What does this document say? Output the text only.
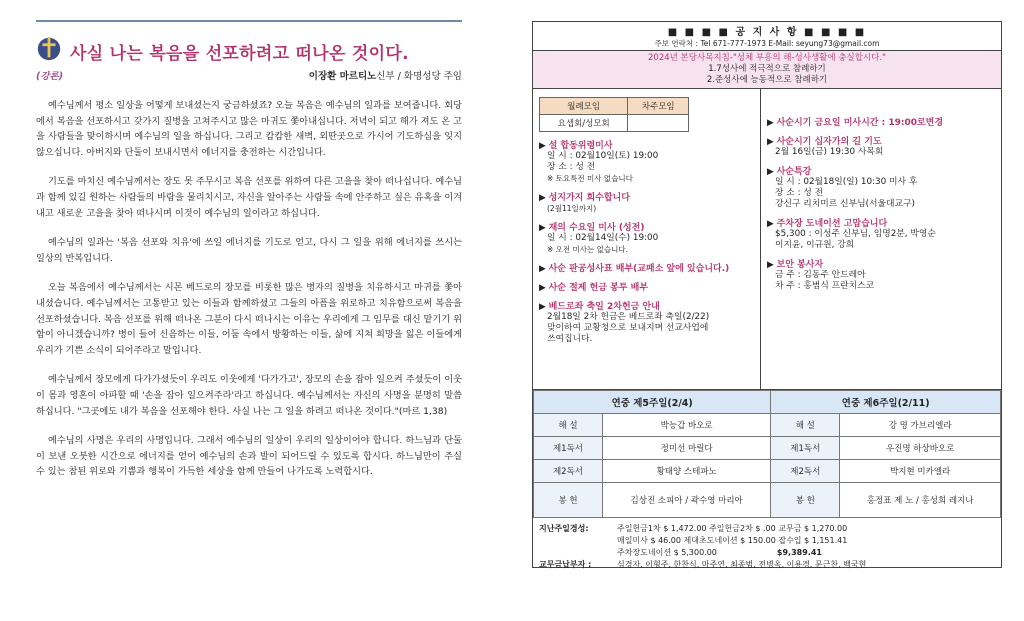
사실 나는 복음을 선포하려고 떠나온 것이다.
(강론)	이장환 마르티노신부 / 화명성당 주임

예수님께서 평소 일상을 어떻게 보내셨는지 궁금하셨죠? 오늘 복음은 예수님의 일과를 보여줍니다. 회당에서 복음을 선포하시고 갖가지 질병을 고쳐주시고 많은 마귀도 쫓아내십니다. 저녁이 되고 해가 져도 온 고을 사람들을 맞이하시며 예수님의 일을 하십니다. 그리고 캄캄한 새벽, 외딴곳으로 가시어 기도하심을 잊지 않으십니다. 아버지와 단둘이 보내시면서 에너지를 충전하는 시간입니다.

기도를 마치신 예수님께서는 장도 못 주무시고 복음 선포를 위하여 다른 고을을 찾아 떠나십니다. 예수님과 함께 있길 원하는 사람들의 바람을 물리치시고, 자신을 알아주는 사람들 속에 안주하고 싶은 유혹을 이겨내고 새로운 고을을 찾아 떠나시며 이것이 예수님의 일이라고 하십니다.

예수님의 일과는 '복음 선포와 치유'에 쓰일 에너지를 기도로 얻고, 다시 그 일을 위해 에너지를 쓰시는 일상의 반복입니다.

오늘 복음에서 예수님께서는 시몬 베드로의 장모를 비롯한 많은 병자의 질병을 치유하시고 마귀를 쫓아내셨습니다. 예수님께서는 고통받고 있는 이들과 함께하셨고 그들의 아픔을 위로하고 치유함으로써 복음을 선포하셨습니다. 복음 선포를 위해 떠나온 그분이 다시 떠나시는 이유는 우리에게 그 임무를 대신 맡기기 위함이 아니겠습니까? 병이 들어 신음하는 이들, 어둠 속에서 방황하는 이들, 삶에 지쳐 희망을 잃은 이들에게 우리가 기쁜 소식이 되어주라고 말입니다.

예수님께서 장모에게 다가가셨듯이 우리도 이웃에게 '다가가고', 장모의 손을 잡아 일으켜 주셨듯이 이웃이 몸과 영혼이 아파할 때 '손을 잡아 일으켜주라'라고 하십니다. 예수님께서는 자신의 사명을 분명히 말씀하십니다. "그곳에도 내가 복음을 선포해야 한다. 사실 나는 그 일을 하려고 떠나온 것이다."(마르 1,38)

예수님의 사명은 우리의 사명입니다. 그래서 예수님의 일상이 우리의 일상이어야 합니다. 하느님과 단둘이 보낸 오붓한 시간으로 에너지를 얻어 예수님의 손과 발이 되어드릴 수 있도록 합시다. 하느님만이 주실 수 있는 참된 위로와 기쁨과 행복이 가득한 세상을 함께 만들어 나가도록 노력합시다.

■ ■ ■ ■ 공 지 사 항 ■ ■ ■ ■
주보 연락처 : Tel 671-777-1973 E-Mail: seyung73@gmail.com
2024년 본당사목지침-"성체 부흥의 해-성사생활에 충실합시다."
1.7성사에 적극적으로 참례하기
2.준성사에 능동적으로 참례하기
월례모임	차주모임
요셉회/성모회	
▶ 설 합동위령미사
일 시 : 02월10일(토) 19:00
장 소 : 성 전
※ 토요특전 미사 없습니다
▶ 성지가지 회수합니다
(2월11일까지)
▶ 재의 수요일 미사 (성전)
일 시 : 02월14일(수) 19:00
※ 오전 미사는 없습니다.
▶ 사순 판공성사표 배부(교패소 앞에 있습니다.)
▶ 사순 절제 헌금 봉투 배부
▶ 베드로좌 축일 2차헌금 안내
2월18일 2차 헌금은 베드로좌 축일(2/22)
맞이하여 교황청으로 보내지며 선교사업에
쓰여집니다.
▶ 사순시기 금요일 미사시간 : 19:00로변경
▶ 사순시기 십자가의 길 기도
2월 16일(금) 19:30 사목회
▶ 사순특강
일 시 : 02월18일(일) 10:30 미사 후
장 소 : 성 전
강신구 리치미르 신부님(서울대교구)
▶ 주차장 도네이션 고맙습니다
$5,300 : 이성주 신부님, 임명2분, 박영순
이지윤, 이규원, 강희
▶ 보안 봉사자
금 주 : 김동주 안드레아
차 주 : 홍범식 프란치스코
연중 제5주일(2/4)		연중 제6주일(2/11)	
해 설	박능갑 바오로	해 설	강 명 가브리엘라
제1독서	정미선 마릴다	제1독서	우진명 하상바오로
제2독서	황태양 스테파노	제2독서	박지현 미카엘라
봉 헌	김상진 소피아 / 곽수영 마리아	봉 헌	홍정표 제 노 / 홍성희 레지나
지난주일경성:	주일헌금1차 $ 1,472.00 주일헌금2차 $ .00 교무금 $ 1,270.00
매일미사 $ 46.00 제대초도네이션 $ 150.00 잡수입 $ 1,151.41
주차장도네이션 $ 5,300.00	$9,389.41
교무금납부자 :	심경자, 이형주, 한찬식, 마주연, 최종범, 전병옥, 이용경, 문근찬, 백국현
